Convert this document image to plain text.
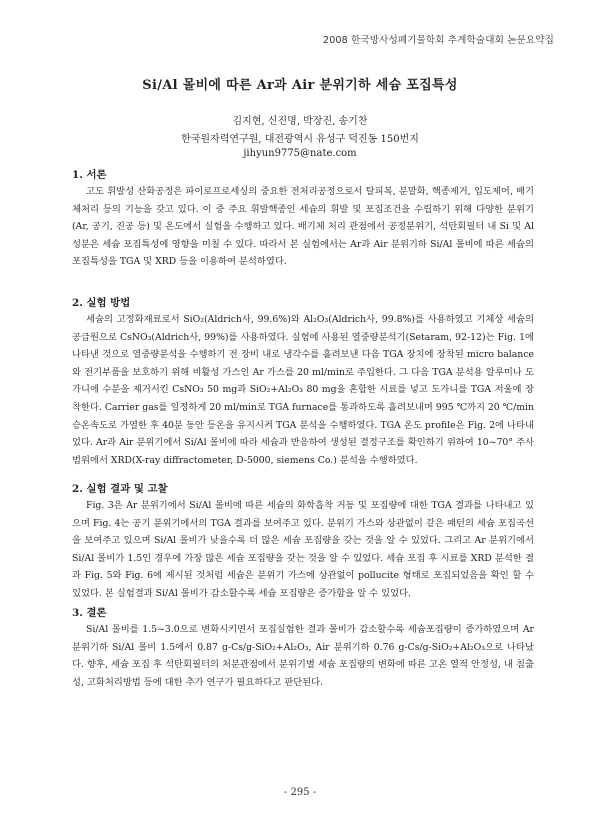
2008 한국방사성폐기물학회 추계학술대회 논문요약집
Si/Al 몰비에 따른 Ar과 Air 분위기하 세슘 포집특성
김지현, 신진명, 박장진, 송기찬
한국원자력연구원, 대전광역시 유성구 덕진동 150번지
jihyun9775@nate.com
1. 서론

고도 휘발성 산화공정은 파이로프로세싱의 중요한 전처리공정으로서 탈피복, 분말화, 핵종제거, 입도제어, 배기체처리 등의 기능을 갖고 있다. 이 중 주요 휘발핵종인 세슘의 휘발 및 포집조건을 수립하기 위해 다양한 분위기(Ar, 공기, 진공 등) 및 온도에서 실험을 수행하고 있다. 배기체 처리 관점에서 공정분위기, 석탄회필터 내 Si 및 Al 성분은 세슘 포집특성에 영향을 미칠 수 있다. 따라서 본 실험에서는 Ar과 Air 분위기하 Si/Al 몰비에 따른 세슘의 포집특성을 TGA 및 XRD 등을 이용하여 분석하였다.

2. 실험 방법

세슘의 고정화재료로서 SiO₂(Aldrich사, 99.6%)와 Al₂O₃(Aldrich사, 99.8%)를 사용하였고 기체상 세슘의 공급원으로 CsNO₃(Aldrich사, 99%)를 사용하였다. 실험에 사용된 열중량분석기(Setaram, 92-12)는 Fig. 1에 나타낸 것으로 열중량분석을 수행하기 전 장비 내로 냉각수를 흘려보낸 다음 TGA 장치에 장착된 micro balance와 전기부품을 보호하기 위해 비활성 가스인 Ar 가스를 20 ml/min로 주입한다. 그 다음 TGA 분석용 알루미나 도가니에 수분을 제거시킨 CsNO₃ 50 mg과 SiO₂+Al₂O₃ 80 mg을 혼합한 시료를 넣고 도가니를 TGA 저울에 장착한다. Carrier gas를 일정하게 20 ml/min로 TGA furnace를 통과하도록 흘려보내며 995 ℃까지 20 ℃/min 승온속도로 가열한 후 40분 동안 등온을 유지시켜 TGA 분석을 수행하였다. TGA 온도 profile은 Fig. 2에 나타내었다. Ar과 Air 분위기에서 Si/Al 몰비에 따라 세슘과 반응하여 생성된 결정구조를 확인하기 위하여 10~70° 주사범위에서 XRD(X-ray diffractometer, D-5000, siemens Co.) 분석을 수행하였다.

2. 실험 결과 및 고찰

Fig. 3은 Ar 분위기에서 Si/Al 몰비에 따른 세슘의 화학흡착 거동 및 포집량에 대한 TGA 결과를 나타내고 있으며 Fig. 4는 공기 분위기에서의 TGA 결과를 보여주고 있다. 분위기 가스와 상관없이 같은 패턴의 세슘 포집곡선을 보여주고 있으며 Si/Al 몰비가 낮을수록 더 많은 세슘 포집량을 갖는 것을 알 수 있었다. 그리고 Ar 분위기에서 Si/Al 몰비가 1.5인 경우에 가장 많은 세슘 포집량을 갖는 것을 알 수 있었다. 세슘 포집 후 시료를 XRD 분석한 결과 Fig. 5와 Fig. 6에 제시된 것처럼 세슘은 분위기 가스에 상관없이 pollucite 형태로 포집되었음을 확인 할 수 있었다. 본 실험결과 Si/Al 몰비가 감소할수록 세슘 포집량은 증가함을 알 수 있었다.

3. 결론

Si/Al 몰비를 1.5~3.0으로 변화시키면서 포집실험한 결과 몰비가 감소할수록 세슘포집량이 증가하였으며 Ar 분위기하 Si/Al 몰비 1.5에서 0.87 g-Cs/g-SiO₂+Al₂O₃, Air 분위기하 0.76 g-Cs/g-SiO₂+Al₂O₃으로 나타났다. 향후, 세슘 포집 후 석탄회필터의 처분관점에서 분위기별 세슘 포집량의 변화에 따른 고온 열적 안정성, 내 침출성, 고화처리방법 등에 대한 추가 연구가 필요하다고 판단된다.

- 295 -
